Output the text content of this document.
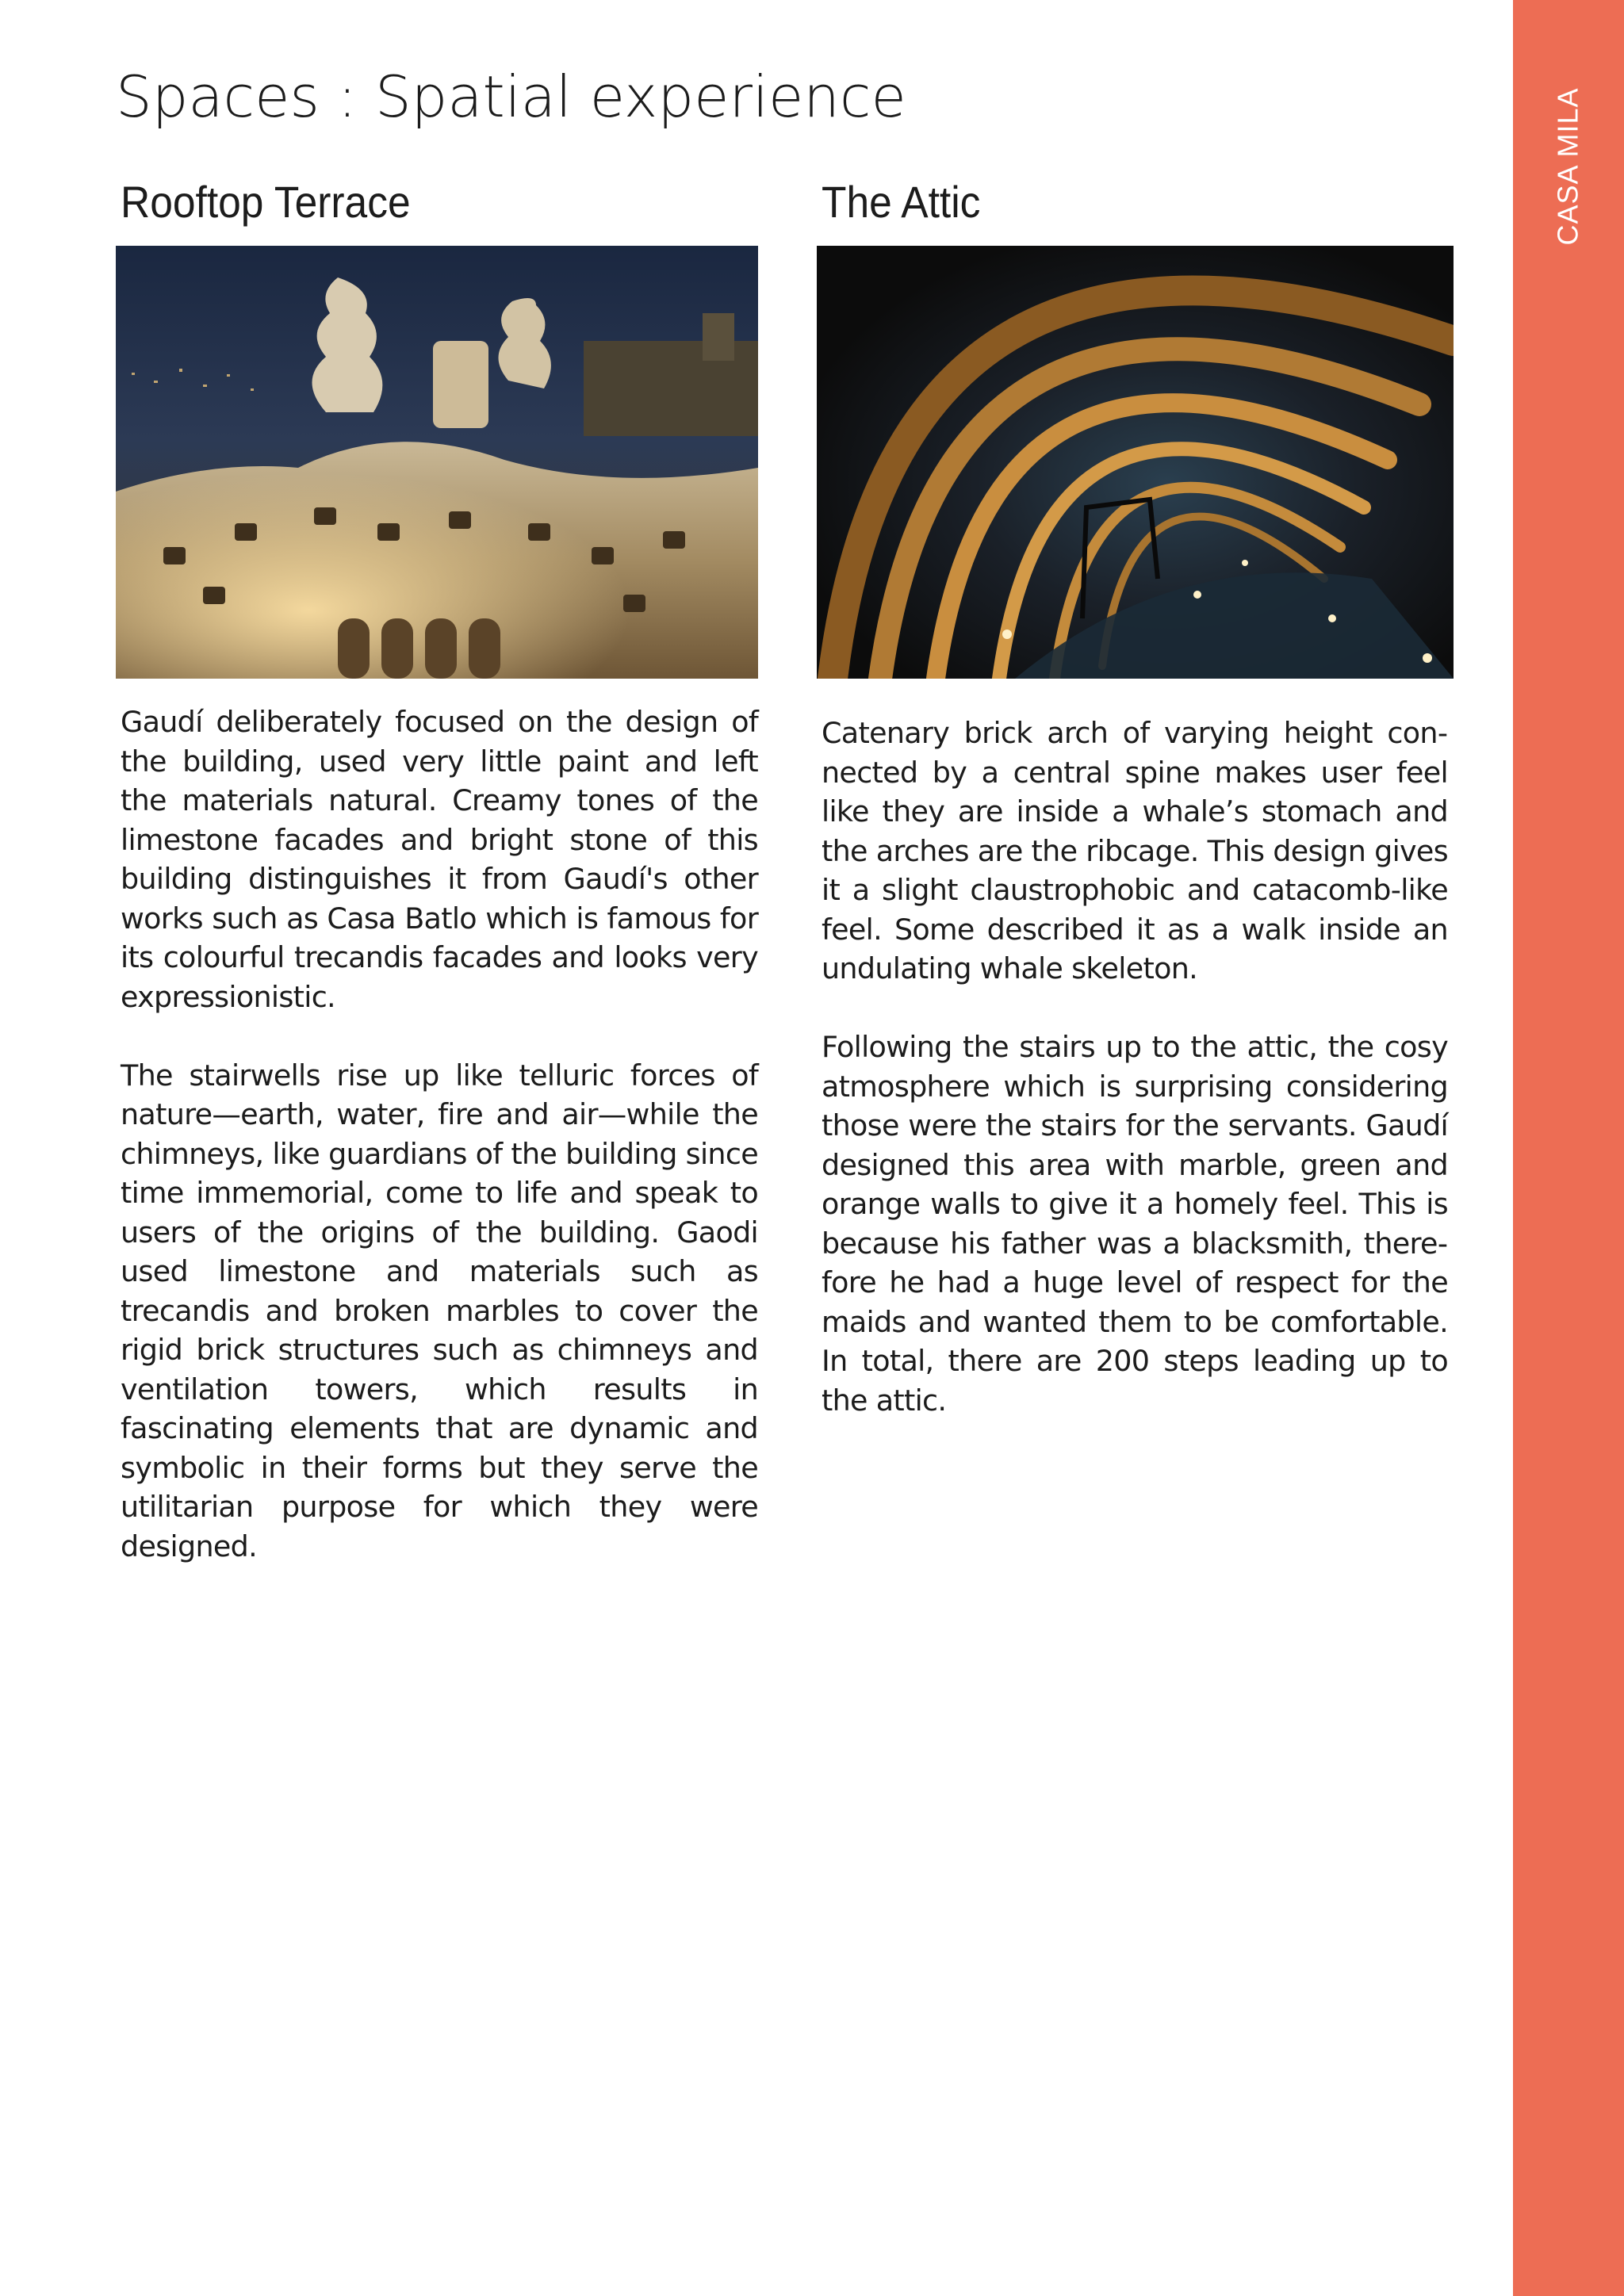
CASA MILA
Spaces : Spatial experience
Rooftop Terrace

Gaudí deliberately focused on the design of the building, used very little paint and left the materials natural. Creamy tones of the limestone facades and bright stone of this building distinguishes it from Gaudí's other works such as Casa Batlo which is famous for its colourful trecandis facades and looks very expressionistic.

The stairwells rise up like telluric forces of nature—earth, water, fire and air—while the chimneys, like guardians of the building since time immemorial, come to life and speak to users of the origins of the building. Gaodi used limestone and materials such as trecandis and broken marbles to cover the rigid brick structures such as chimneys and ventilation towers, which results in fascinating elements that are dynamic and symbolic in their forms but they serve the utilitarian purpose for which they were designed.

The Attic

Catenary brick arch of varying height connected by a central spine makes user feel like they are inside a whale’s stomach and the arches are the ribcage. This design gives it a slight claustrophobic and catacomb-like feel. Some described it as a walk inside an undulating whale skeleton.

Following the stairs up to the attic, the cosy atmosphere which is surprising considering those were the stairs for the servants. Gaudí designed this area with marble, green and orange walls to give it a homely feel. This is because his father was a blacksmith, therefore he had a huge level of respect for the maids and wanted them to be comfortable. In total, there are 200 steps leading up to the attic.
